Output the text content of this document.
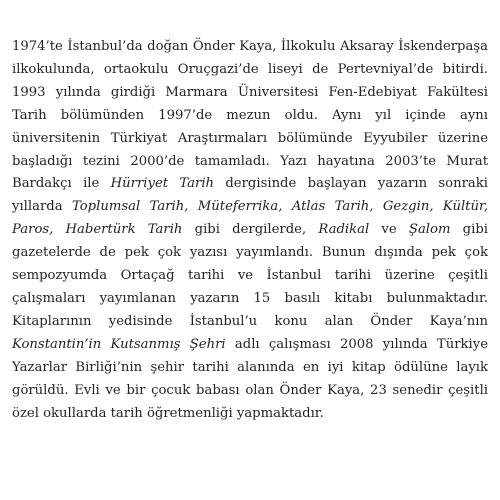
1974’te İstanbul’da doğan Önder Kaya, İlkokulu Aksaray İskenderpaşa ilkokulunda, ortaokulu Oruçgazi’de liseyi de Pertevniyal’de bitirdi. 1993 yılında girdiği Marmara Üniversitesi Fen-Edebiyat Fakültesi Tarih bölümünden 1997’de mezun oldu. Aynı yıl içinde aynı üniversitenin Türkiyat Araştırmaları bölümünde Eyyubiler üzerine başladığı tezini 2000’de tamamladı. Yazı hayatına 2003’te Murat Bardakçı ile Hürriyet Tarih dergisinde başlayan yazarın sonraki yıllarda Toplumsal Tarih, Müteferrika, Atlas Tarih, Gezgin, Kültür, Paros, Habertürk Tarih gibi dergilerde, Radikal ve Şalom gibi gazetelerde de pek çok yazısı yayımlandı. Bunun dışında pek çok sempozyumda Ortaçağ tarihi ve İstanbul tarihi üzerine çeşitli çalışmaları yayımlanan yazarın 15 basılı kitabı bulunmaktadır. Kitaplarının yedisinde İstanbul’u konu alan Önder Kaya’nın Konstantin’in Kutsanmış Şehri adlı çalışması 2008 yılında Türkiye Yazarlar Birliği’nin şehir tarihi alanında en iyi kitap ödülüne layık görüldü. Evli ve bir çocuk babası olan Önder Kaya, 23 senedir çeşitli özel okullarda tarih öğretmenliği yapmaktadır.
